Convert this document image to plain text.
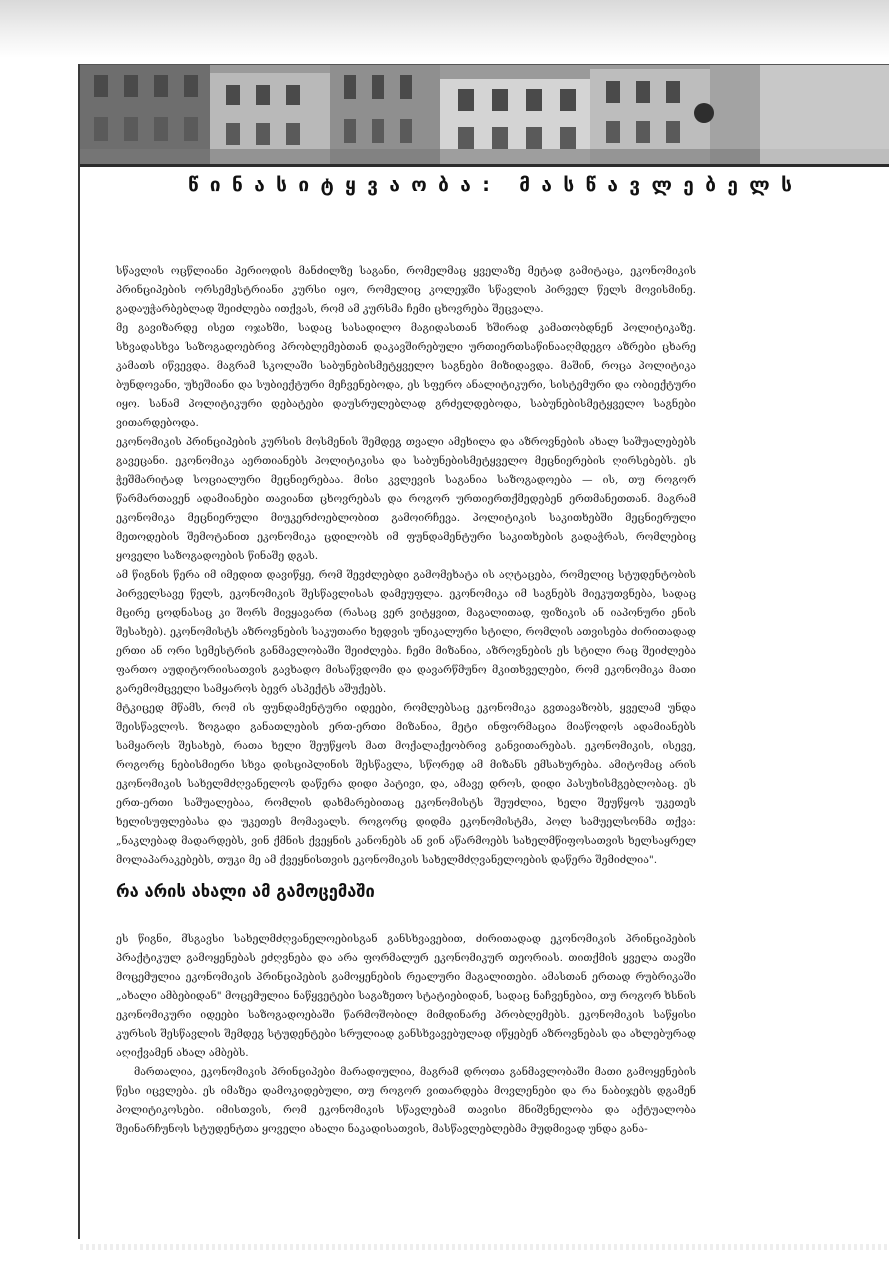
წინასიტყვაობა: მასწავლებელს

სწავლის ოცწლიანი პერიოდის მანძილზე საგანი, რომელმაც ყველაზე მეტად გამიტაცა, ეკონომიკის პრინციპების ორსემესტრიანი კურსი იყო, რომელიც კოლეჯში სწავლის პირველ წელს მოვისმინე. გადაუჭარბებლად შეიძლება ითქვას, რომ ამ კურსმა ჩემი ცხოვრება შეცვალა.

მე გავიზარდე ისეთ ოჯახში, სადაც სასადილო მაგიდასთან ხშირად კამათობდნენ პოლიტიკაზე. სხვადასხვა საზოგადოებრივ პრობლემებთან დაკავშირებული ურთიერთსაწინააღმდეგო აზრები ცხარე კამათს იწვევდა. მაგრამ სკოლაში საბუნებისმეტყველო საგნები მიზიდავდა. მაშინ, როცა პოლიტიკა ბუნდოვანი, უხეშიანი და სუბიექტური მეჩვენებოდა, ეს სფერო ანალიტიკური, სისტემური და ობიექტური იყო. სანამ პოლიტიკური დებატები დაუსრულებლად გრძელდებოდა, საბუნებისმეტყველო საგნები ვითარდებოდა.

ეკონომიკის პრინციპების კურსის მოსმენის შემდეგ თვალი ამეხილა და აზროვნების ახალ საშუალებებს გავეცანი. ეკონომიკა აერთიანებს პოლიტიკისა და საბუნებისმეტყველო მეცნიერების ღირსებებს. ეს ჭეშმარიტად სოციალური მეცნიერებაა. მისი კვლევის საგანია საზოგადოება — ის, თუ როგორ წარმართავენ ადამიანები თავიანთ ცხოვრებას და როგორ ურთიერთქმედებენ ერთმანეთთან. მაგრამ ეკონომიკა მეცნიერული მიუკერძოებლობით გამოირჩევა. პოლიტიკის საკითხებში მეცნიერული მეთოდების შემოტანით ეკონომიკა ცდილობს იმ ფუნდამენტური საკითხების გადაჭრას, რომლებიც ყოველი საზოგადოების წინაშე დგას.

ამ წიგნის წერა იმ იმედით დავიწყე, რომ შევძლებდი გამომეხატა ის აღტაცება, რომელიც სტუდენტობის პირველსავე წელს, ეკონომიკის შესწავლისას დამეუფლა. ეკონომიკა იმ საგნებს მიეკუთვნება, სადაც მცირე ცოდნასაც კი შორს მივყავართ (რასაც ვერ ვიტყვით, მაგალითად, ფიზიკის ან იაპონური ენის შესახებ). ეკონომისტს აზროვნების საკუთარი ხედვის უნიკალური სტილი, რომლის ათვისება ძირითადად ერთი ან ორი სემესტრის განმავლობაში შეიძლება. ჩემი მიზანია, აზროვნების ეს სტილი რაც შეიძლება ფართო აუდიტორიისათვის გავხადო მისაწვდომი და დავარწმუნო მკითხველები, რომ ეკონომიკა მათი გარემომცველი სამყაროს ბევრ ასპექტს აშუქებს.

მტკიცედ მწამს, რომ ის ფუნდამენტური იდეები, რომლებსაც ეკონომიკა გვთავაზობს, ყველამ უნდა შეისწავლოს. ზოგადი განათლების ერთ-ერთი მიზანია, მეტი ინფორმაცია მიაწოდოს ადამიანებს სამყაროს შესახებ, რათა ხელი შეუწყოს მათ მოქალაქეობრივ განვითარებას. ეკონომიკის, ისევე, როგორც ნებისმიერი სხვა დისციპლინის შესწავლა, სწორედ ამ მიზანს ემსახურება. ამიტომაც არის ეკონომიკის სახელმძღვანელოს დაწერა დიდი პატივი, და, ამავე დროს, დიდი პასუხისმგებლობაც. ეს ერთ-ერთი საშუალებაა, რომლის დახმარებითაც ეკონომისტს შეუძლია, ხელი შეუწყოს უკეთეს ხელისუფლებასა და უკეთეს მომავალს. როგორც დიდმა ეკონომისტმა, პოლ სამუელსონმა თქვა: „ნაკლებად მადარდებს, ვინ ქმნის ქვეყნის კანონებს ან ვინ აწარმოებს სახელმწიფოსათვის ხელსაყრელ მოლაპარაკებებს, თუკი მე ამ ქვეყნისთვის ეკონომიკის სახელმძღვანელოების დაწერა შემიძლია".

რა არის ახალი ამ გამოცემაში

ეს წიგნი, მსგავსი სახელმძღვანელოებისგან განსხვავებით, ძირითადად ეკონომიკის პრინციპების პრაქტიკულ გამოყენებას ეძღვნება და არა ფორმალურ ეკონომიკურ თეორიას. თითქმის ყველა თავში მოცემულია ეკონომიკის პრინციპების გამოყენების რეალური მაგალითები. ამასთან ერთად რუბრიკაში „ახალი ამბებიდან" მოცემულია ნაწყვეტები საგაზეთო სტატიებიდან, სადაც ნაჩვენებია, თუ როგორ ხსნის ეკონომიკური იდეები საზოგადოებაში წარმოშობილ მიმდინარე პრობლემებს. ეკონომიკის საწყისი კურსის შესწავლის შემდეგ სტუდენტები სრულიად განსხვავებულად იწყებენ აზროვნებას და ახლებურად აღიქვამენ ახალ ამბებს.

მართალია, ეკონომიკის პრინციპები მარადიულია, მაგრამ დროთა განმავლობაში მათი გამოყენების წესი იცვლება. ეს იმაზეა დამოკიდებული, თუ როგორ ვითარდება მოვლენები და რა ნაბიჯებს დგამენ პოლიტიკოსები. იმისთვის, რომ ეკონომიკის სწავლებამ თავისი მნიშვნელობა და აქტუალობა შეინარჩუნოს სტუდენტთა ყოველი ახალი ნაკადისათვის, მასწავლებლებმა მუდმივად უნდა განა-
